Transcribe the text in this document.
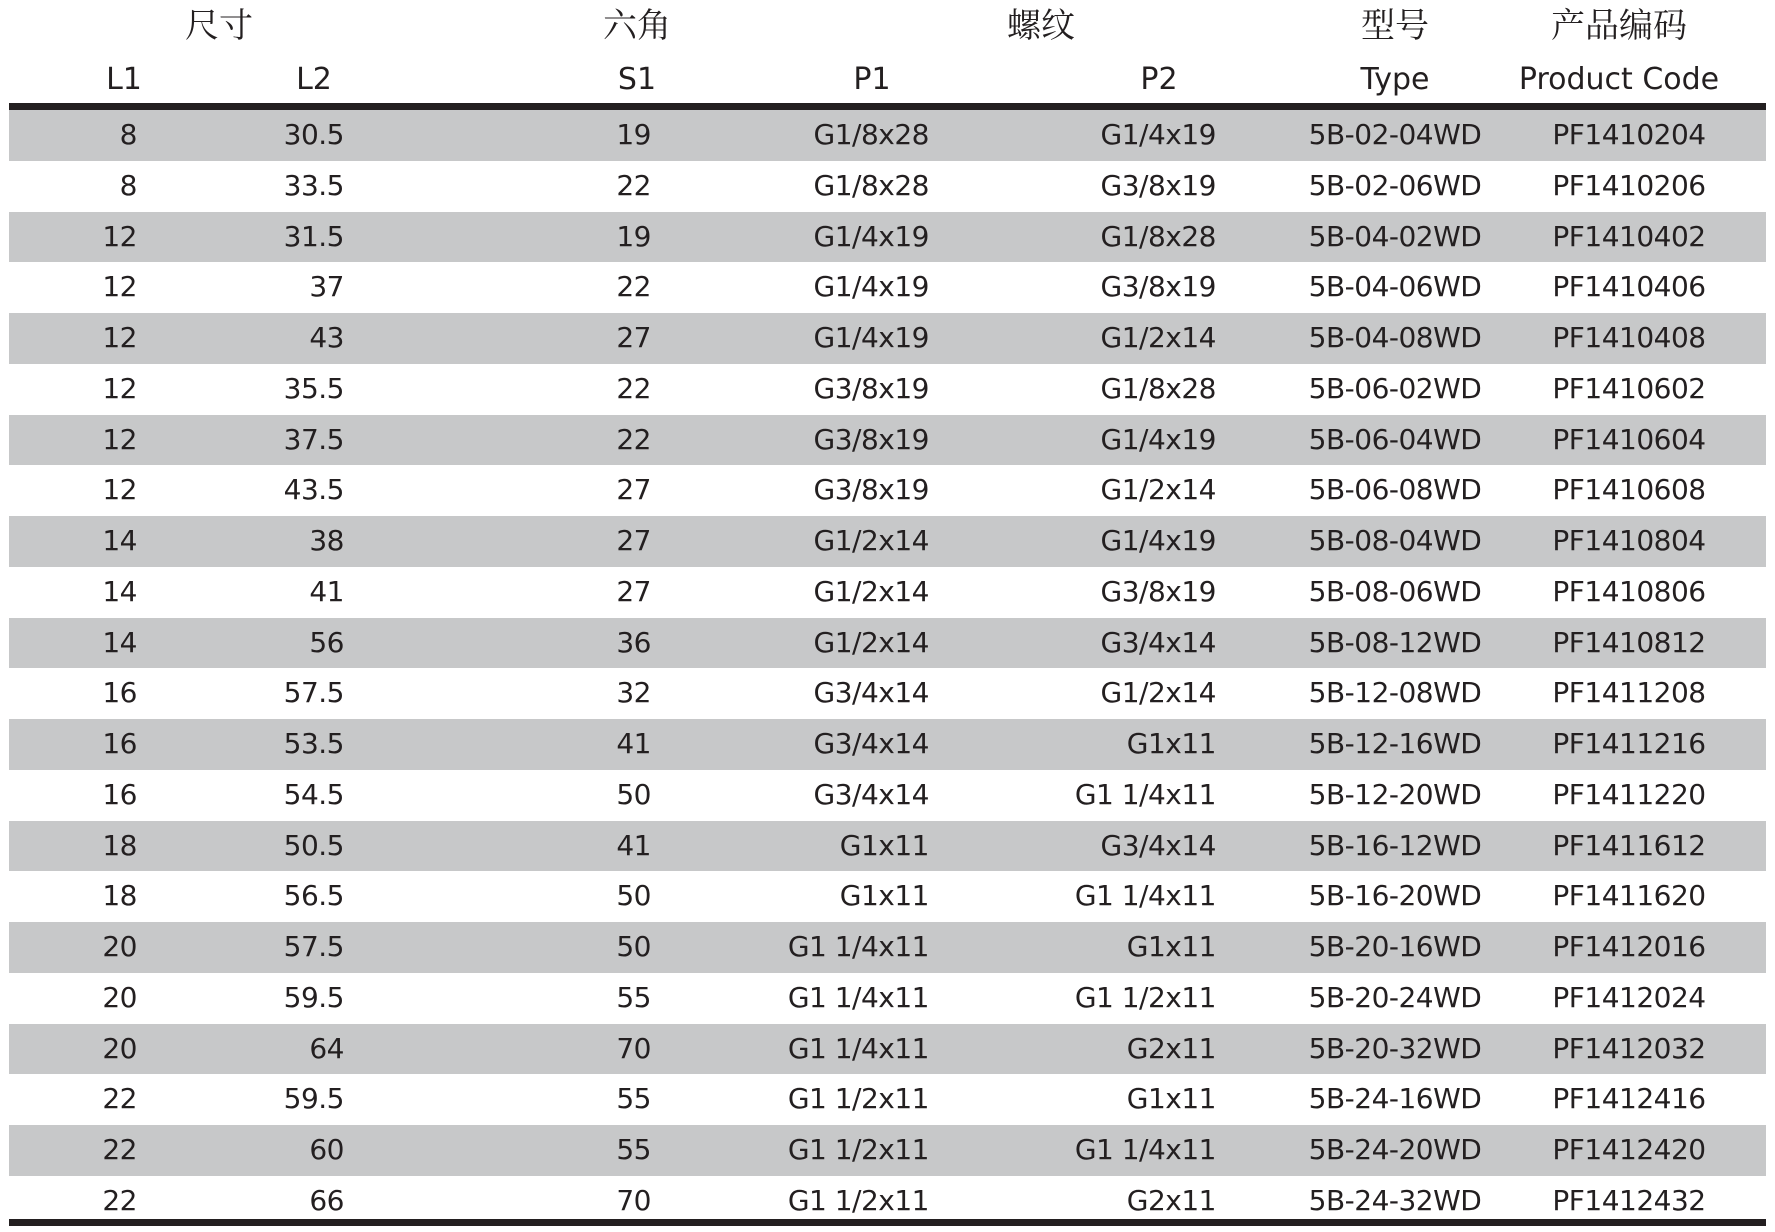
尺寸	六角	螺纹	型号	产品编码
L1	L2	S1	P1	P2	Type	Product Code
8	30.5	19	G1/8x28	G1/4x19	5B-02-04WD	PF1410204
8	33.5	22	G1/8x28	G3/8x19	5B-02-06WD	PF1410206
12	31.5	19	G1/4x19	G1/8x28	5B-04-02WD	PF1410402
12	37	22	G1/4x19	G3/8x19	5B-04-06WD	PF1410406
12	43	27	G1/4x19	G1/2x14	5B-04-08WD	PF1410408
12	35.5	22	G3/8x19	G1/8x28	5B-06-02WD	PF1410602
12	37.5	22	G3/8x19	G1/4x19	5B-06-04WD	PF1410604
12	43.5	27	G3/8x19	G1/2x14	5B-06-08WD	PF1410608
14	38	27	G1/2x14	G1/4x19	5B-08-04WD	PF1410804
14	41	27	G1/2x14	G3/8x19	5B-08-06WD	PF1410806
14	56	36	G1/2x14	G3/4x14	5B-08-12WD	PF1410812
16	57.5	32	G3/4x14	G1/2x14	5B-12-08WD	PF1411208
16	53.5	41	G3/4x14	G1x11	5B-12-16WD	PF1411216
16	54.5	50	G3/4x14	G1 1/4x11	5B-12-20WD	PF1411220
18	50.5	41	G1x11	G3/4x14	5B-16-12WD	PF1411612
18	56.5	50	G1x11	G1 1/4x11	5B-16-20WD	PF1411620
20	57.5	50	G1 1/4x11	G1x11	5B-20-16WD	PF1412016
20	59.5	55	G1 1/4x11	G1 1/2x11	5B-20-24WD	PF1412024
20	64	70	G1 1/4x11	G2x11	5B-20-32WD	PF1412032
22	59.5	55	G1 1/2x11	G1x11	5B-24-16WD	PF1412416
22	60	55	G1 1/2x11	G1 1/4x11	5B-24-20WD	PF1412420
22	66	70	G1 1/2x11	G2x11	5B-24-32WD	PF1412432
